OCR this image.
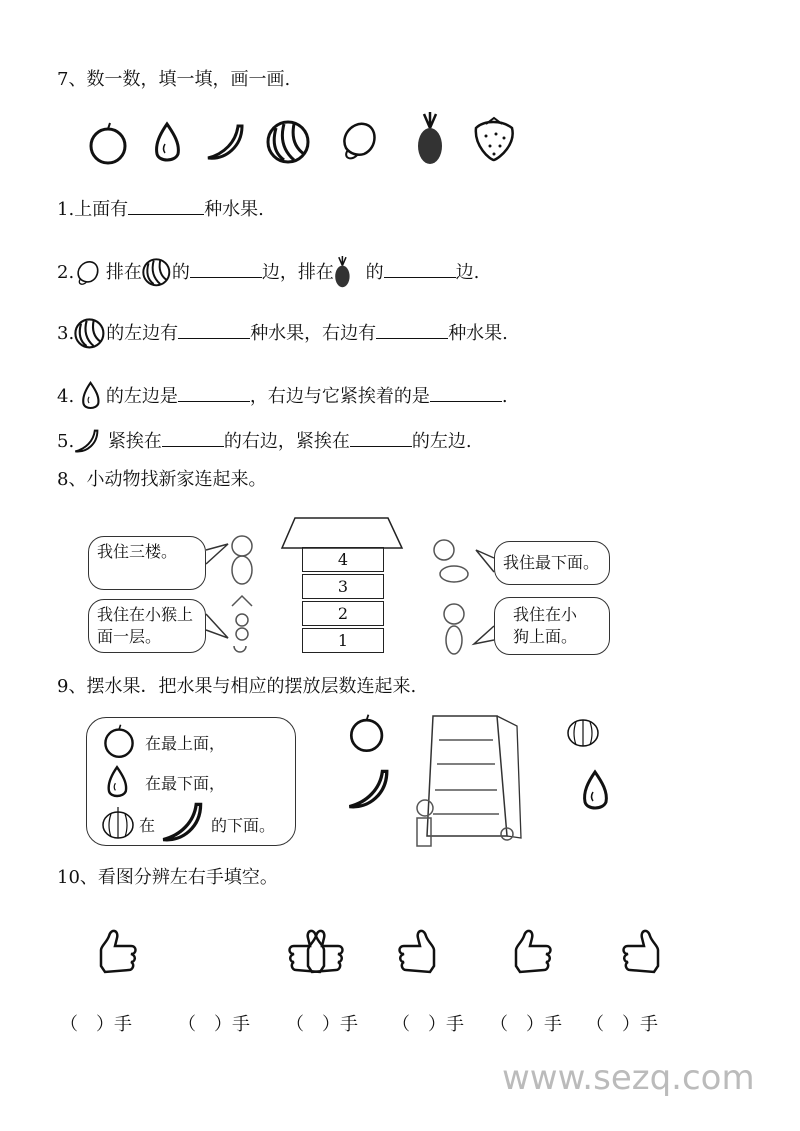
7、数一数，填一填，画一画.
1.上面有	种水果.
2. 排在 的	边，排在 的	边.
3. 的左边有	种水果，右边有	种水果.
4. 的左边是	，右边与它紧挨着的是	.
5. 紧挨在	的右边，紧挨在	的左边.
8、小动物找新家连起来。
我住三楼。
我住在小猴上面一层。
我住最下面。
我住在小狗上面。
4
3
2
1
9、摆水果．把水果与相应的摆放层数连起来.
在最上面，
在最下面，
在	的下面。
10、看图分辨左右手填空。
（　）手	（　）手 （　）手 （　）手 （　）手 （　）手
www.sezq.com
